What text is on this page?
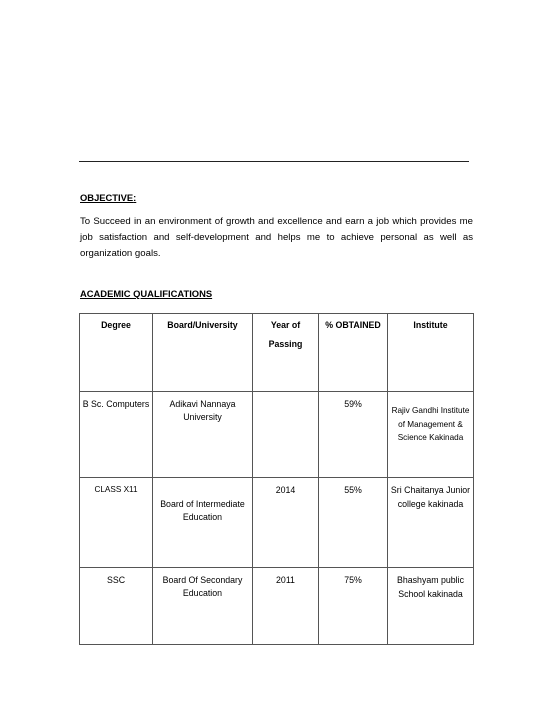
OBJECTIVE:
To Succeed in an environment of growth and excellence and earn a job which provides me job satisfaction and self-development and helps me to achieve personal as well as organization goals.
ACADEMIC QUALIFICATIONS
Degree	Board/University	Year of Passing	% OBTAINED	Institute

B Sc. Computers	Adikavi Nannaya University		59%	Rajiv Gandhi Institute of Management & Science Kakinada

CLASS X11	Board of Intermediate Education	2014	55%	Sri Chaitanya Junior college kakinada

SSC	Board Of Secondary Education	2011	75%	Bhashyam public School kakinada
